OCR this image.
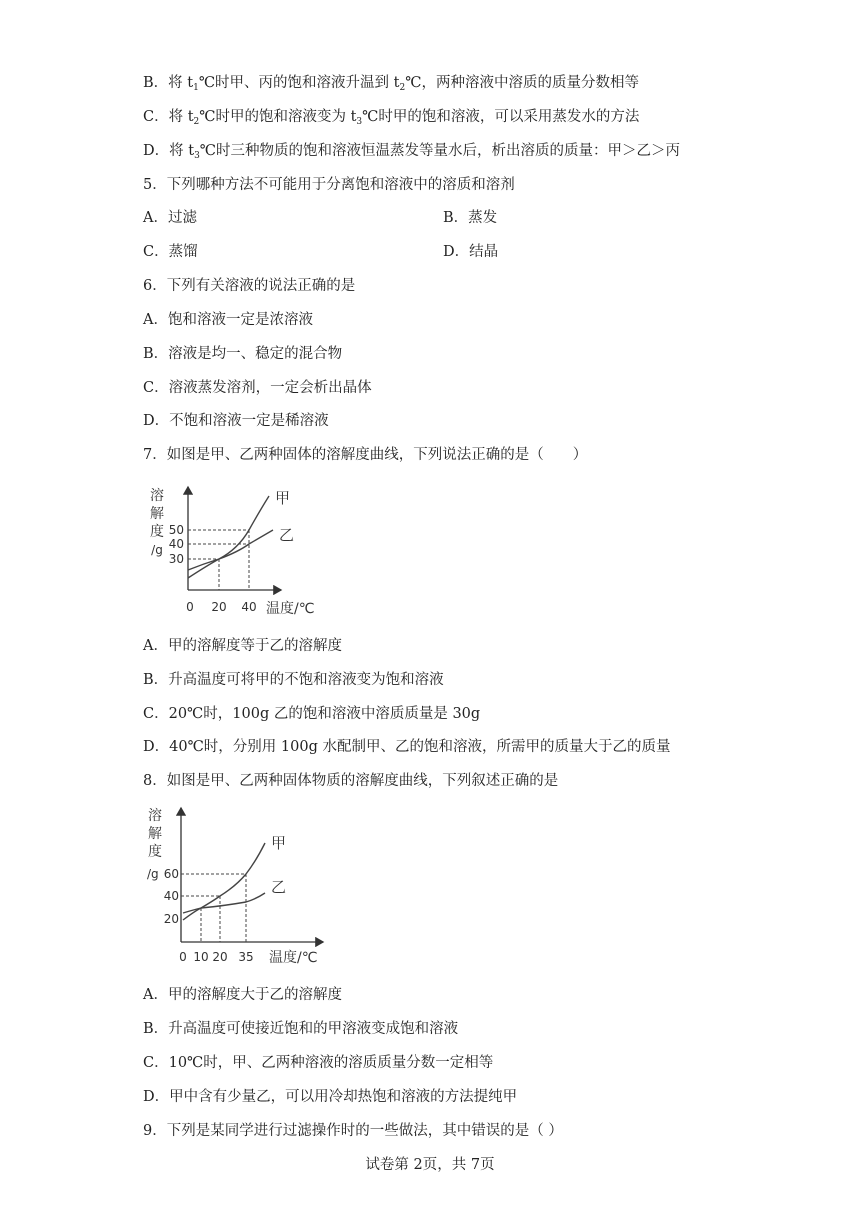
B．将 $t_1℃$时甲、丙的饱和溶液升温到 $t_2℃$，两种溶液中溶质的质量分数相等
C．将 $t_2℃$时甲的饱和溶液变为 $t_3℃$时甲的饱和溶液，可以采用蒸发水的方法
D．将 $t_3℃$时三种物质的饱和溶液恒温蒸发等量水后，析出溶质的质量：甲＞乙＞丙
5．下列哪种方法不可能用于分离饱和溶液中的溶质和溶剂
A．过滤	B．蒸发
C．蒸馏	D．结晶
6．下列有关溶液的说法正确的是
A．饱和溶液一定是浓溶液
B．溶液是均一、稳定的混合物
C．溶液蒸发溶剂，一定会析出晶体
D．不饱和溶液一定是稀溶液
7．如图是甲、乙两种固体的溶解度曲线，下列说法正确的是（　　）
溶
解
度
/g
50
40
30
甲
乙
0 20 40 温度/℃
A．甲的溶解度等于乙的溶解度
B．升高温度可将甲的不饱和溶液变为饱和溶液
C．20℃时，100g 乙的饱和溶液中溶质质量是 30g
D．40℃时，分别用 100g 水配制甲、乙的饱和溶液，所需甲的质量大于乙的质量
8．如图是甲、乙两种固体物质的溶解度曲线，下列叙述正确的是
溶
解
度
/g 60
40
20
甲
乙
0 10 20 35 温度/℃
A．甲的溶解度大于乙的溶解度
B．升高温度可使接近饱和的甲溶液变成饱和溶液
C．10℃时，甲、乙两种溶液的溶质质量分数一定相等
D．甲中含有少量乙，可以用冷却热饱和溶液的方法提纯甲
9．下列是某同学进行过滤操作时的一些做法，其中错误的是（ ）
试卷第 2页，共 7页
